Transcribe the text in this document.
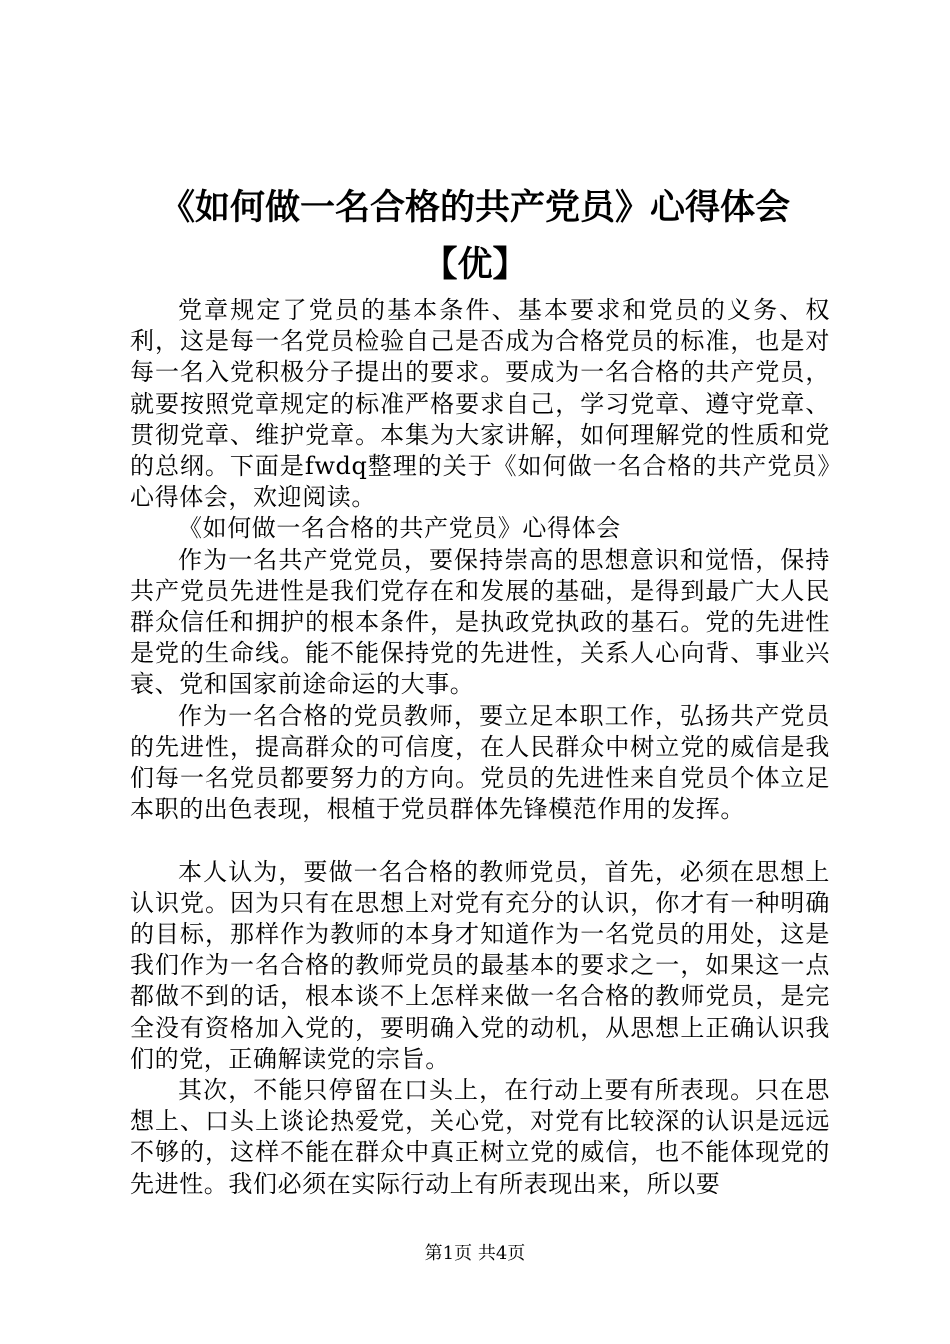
《如何做一名合格的共产党员》心得体会
【优】

党章规定了党员的基本条件、基本要求和党员的义务、权利，这是每一名党员检验自己是否成为合格党员的标准，也是对每一名入党积极分子提出的要求。要成为一名合格的共产党员，就要按照党章规定的标准严格要求自己，学习党章、遵守党章、贯彻党章、维护党章。本集为大家讲解，如何理解党的性质和党的总纲。下面是fwdq整理的关于《如何做一名合格的共产党员》心得体会，欢迎阅读。

《如何做一名合格的共产党员》心得体会

作为一名共产党党员，要保持崇高的思想意识和觉悟，保持共产党员先进性是我们党存在和发展的基础，是得到最广大人民群众信任和拥护的根本条件，是执政党执政的基石。党的先进性是党的生命线。能不能保持党的先进性，关系人心向背、事业兴衰、党和国家前途命运的大事。

作为一名合格的党员教师，要立足本职工作，弘扬共产党员的先进性，提高群众的可信度，在人民群众中树立党的威信是我们每一名党员都要努力的方向。党员的先进性来自党员个体立足本职的出色表现，根植于党员群体先锋模范作用的发挥。

本人认为，要做一名合格的教师党员，首先，必须在思想上认识党。因为只有在思想上对党有充分的认识，你才有一种明确的目标，那样作为教师的本身才知道作为一名党员的用处，这是我们作为一名合格的教师党员的最基本的要求之一，如果这一点都做不到的话，根本谈不上怎样来做一名合格的教师党员，是完全没有资格加入党的，要明确入党的动机，从思想上正确认识我们的党，正确解读党的宗旨。

其次，不能只停留在口头上，在行动上要有所表现。只在思想上、口头上谈论热爱党，关心党，对党有比较深的认识是远远不够的，这样不能在群众中真正树立党的威信，也不能体现党的先进性。我们必须在实际行动上有所表现出来，所以要

第1页 共4页
